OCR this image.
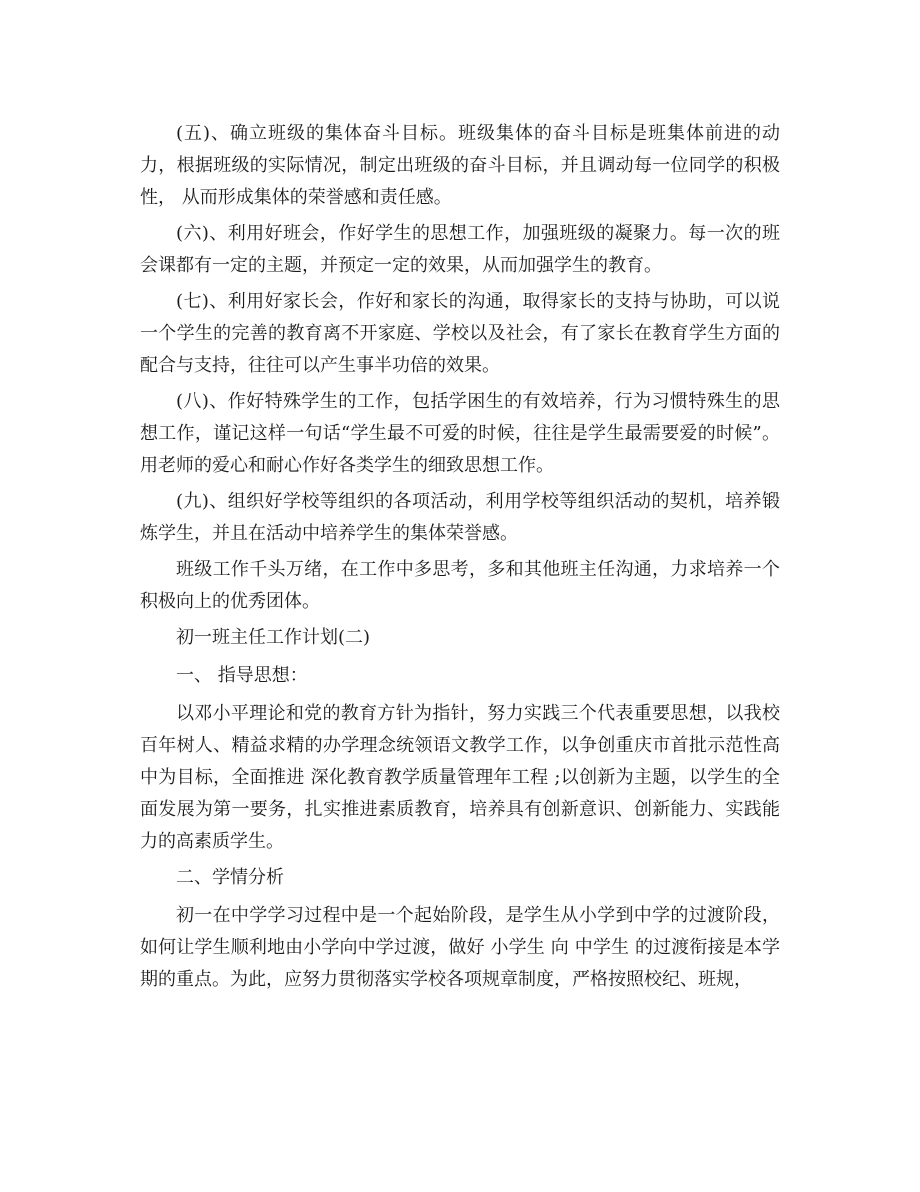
(五)、确立班级的集体奋斗目标。班级集体的奋斗目标是班集体前进的动力，根据班级的实际情况，制定出班级的奋斗目标，并且调动每一位同学的积极性， 从而形成集体的荣誉感和责任感。

(六)、利用好班会，作好学生的思想工作，加强班级的凝聚力。每一次的班会课都有一定的主题，并预定一定的效果，从而加强学生的教育。

(七)、利用好家长会，作好和家长的沟通，取得家长的支持与协助，可以说一个学生的完善的教育离不开家庭、学校以及社会，有了家长在教育学生方面的配合与支持，往往可以产生事半功倍的效果。

(八)、作好特殊学生的工作，包括学困生的有效培养，行为习惯特殊生的思想工作，谨记这样一句话“学生最不可爱的时候，往往是学生最需要爱的时候”。用老师的爱心和耐心作好各类学生的细致思想工作。

(九)、组织好学校等组织的各项活动，利用学校等组织活动的契机，培养锻炼学生，并且在活动中培养学生的集体荣誉感。

班级工作千头万绪，在工作中多思考，多和其他班主任沟通，力求培养一个积极向上的优秀团体。

初一班主任工作计划(二)

一、 指导思想：

以邓小平理论和党的教育方针为指针，努力实践三个代表重要思想，以我校百年树人、精益求精的办学理念统领语文教学工作，以争创重庆市首批示范性高中为目标，全面推进 深化教育教学质量管理年工程 ;以创新为主题，以学生的全面发展为第一要务，扎实推进素质教育，培养具有创新意识、创新能力、实践能力的高素质学生。

二、学情分析

初一在中学学习过程中是一个起始阶段，是学生从小学到中学的过渡阶段，如何让学生顺利地由小学向中学过渡，做好 小学生 向 中学生 的过渡衔接是本学期的重点。为此，应努力贯彻落实学校各项规章制度，严格按照校纪、班规，
